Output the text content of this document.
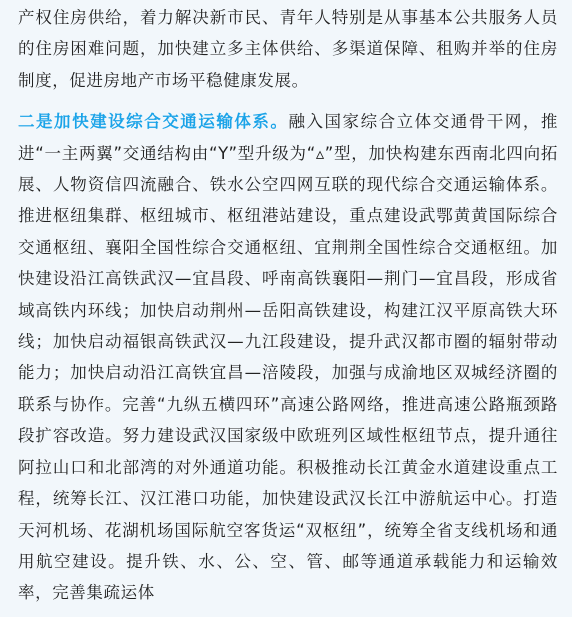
产权住房供给，着力解决新市民、青年人特别是从事基本公共服务人员的住房困难问题，加快建立多主体供给、多渠道保障、租购并举的住房制度，促进房地产市场平稳健康发展。

二是加快建设综合交通运输体系。融入国家综合立体交通骨干网，推进“一主两翼”交通结构由“Y”型升级为“▵”型，加快构建东西南北四向拓展、人物资信四流融合、铁水公空四网互联的现代综合交通运输体系。推进枢纽集群、枢纽城市、枢纽港站建设，重点建设武鄂黄黄国际综合交通枢纽、襄阳全国性综合交通枢纽、宜荆荆全国性综合交通枢纽。加快建设沿江高铁武汉—宜昌段、呼南高铁襄阳—荆门—宜昌段，形成省域高铁内环线；加快启动荆州—岳阳高铁建设，构建江汉平原高铁大环线；加快启动福银高铁武汉—九江段建设，提升武汉都市圈的辐射带动能力；加快启动沿江高铁宜昌—涪陵段，加强与成渝地区双城经济圈的联系与协作。完善“九纵五横四环”高速公路网络，推进高速公路瓶颈路段扩容改造。努力建设武汉国家级中欧班列区域性枢纽节点，提升通往阿拉山口和北部湾的对外通道功能。积极推动长江黄金水道建设重点工程，统筹长江、汉江港口功能，加快建设武汉长江中游航运中心。打造天河机场、花湖机场国际航空客货运“双枢纽”，统筹全省支线机场和通用航空建设。提升铁、水、公、空、管、邮等通道承载能力和运输效率，完善集疏运体
